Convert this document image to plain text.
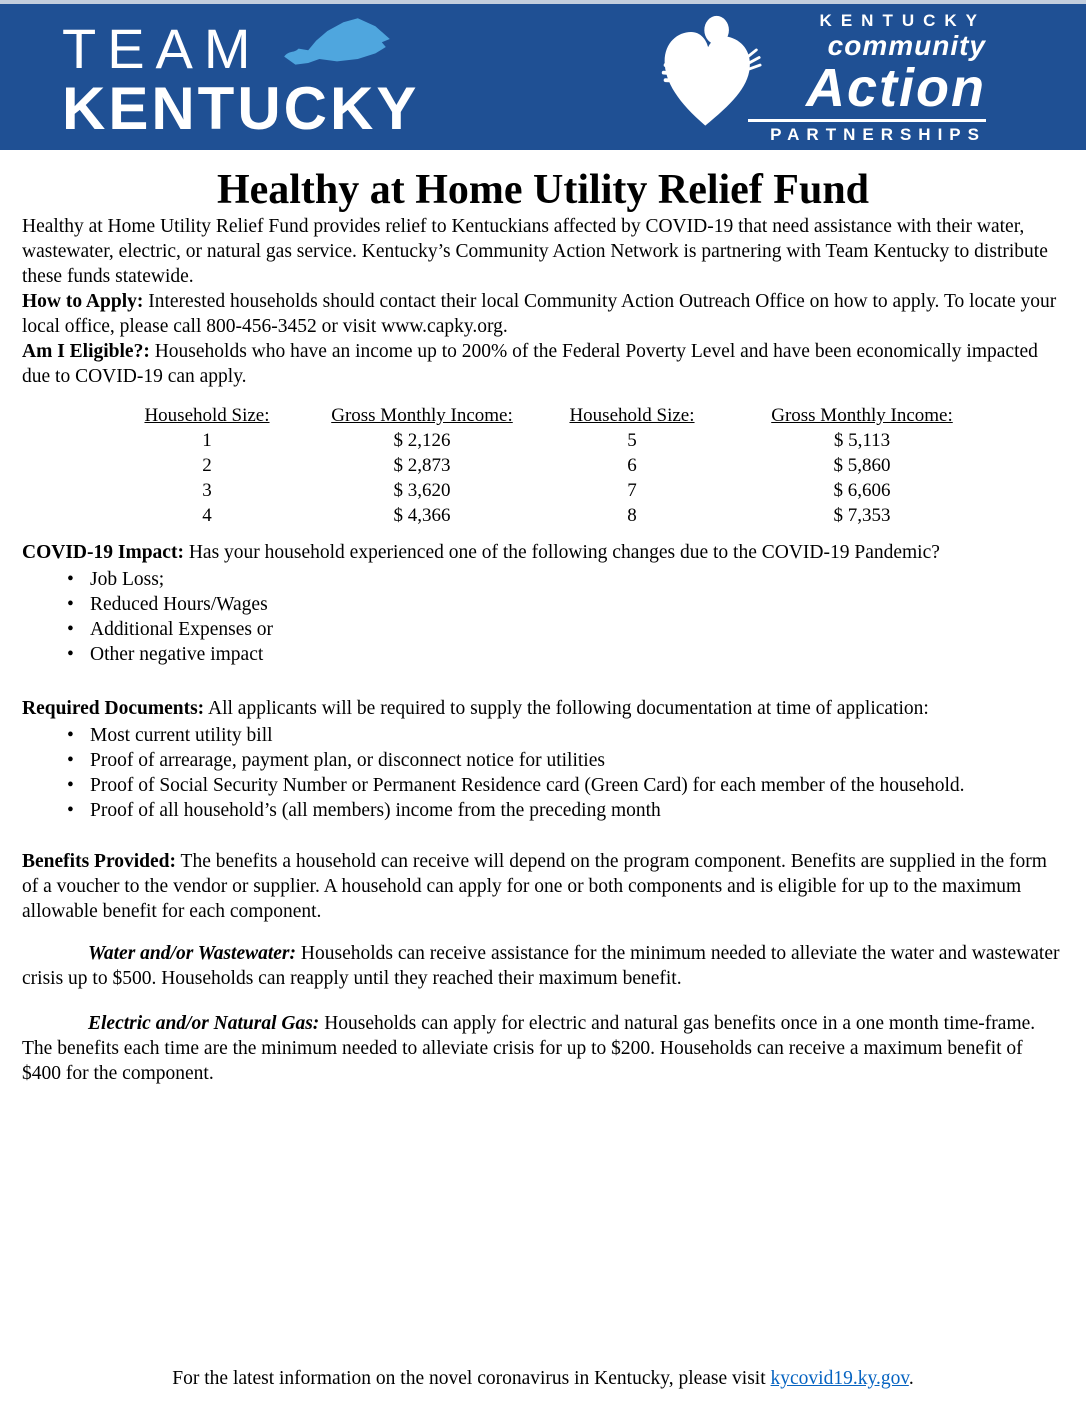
TEAM
KENTUCKY
KENTUCKY
community
Action
PARTNERSHIPS
Healthy at Home Utility Relief Fund

Healthy at Home Utility Relief Fund provides relief to Kentuckians affected by COVID-19 that need assistance with their water, wastewater, electric, or natural gas service. Kentucky’s Community Action Network is partnering with Team Kentucky to distribute these funds statewide.

How to Apply: Interested households should contact their local Community Action Outreach Office on how to apply. To locate your local office, please call 800-456-3452 or visit www.capky.org.

Am I Eligible?: Households who have an income up to 200% of the Federal Poverty Level and have been economically impacted due to COVID-19 can apply.

Household Size:	Gross Monthly Income:	Household Size:	Gross Monthly Income:
1	$ 2,126	5	$ 5,113
2	$ 2,873	6	$ 5,860
3	$ 3,620	7	$ 6,606
4	$ 4,366	8	$ 7,353

COVID-19 Impact: Has your household experienced one of the following changes due to the COVID-19 Pandemic?

• Job Loss;
• Reduced Hours/Wages
• Additional Expenses or
• Other negative impact

Required Documents: All applicants will be required to supply the following documentation at time of application:

• Most current utility bill
• Proof of arrearage, payment plan, or disconnect notice for utilities
• Proof of Social Security Number or Permanent Residence card (Green Card) for each member of the household.
• Proof of all household’s (all members) income from the preceding month

Benefits Provided: The benefits a household can receive will depend on the program component. Benefits are supplied in the form of a voucher to the vendor or supplier. A household can apply for one or both components and is eligible for up to the maximum allowable benefit for each component.

Water and/or Wastewater: Households can receive assistance for the minimum needed to alleviate the water and wastewater crisis up to $500. Households can reapply until they reached their maximum benefit.

Electric and/or Natural Gas: Households can apply for electric and natural gas benefits once in a one month time-frame. The benefits each time are the minimum needed to alleviate crisis for up to $200. Households can receive a maximum benefit of $400 for the component.

For the latest information on the novel coronavirus in Kentucky, please visit kycovid19.ky.gov.
